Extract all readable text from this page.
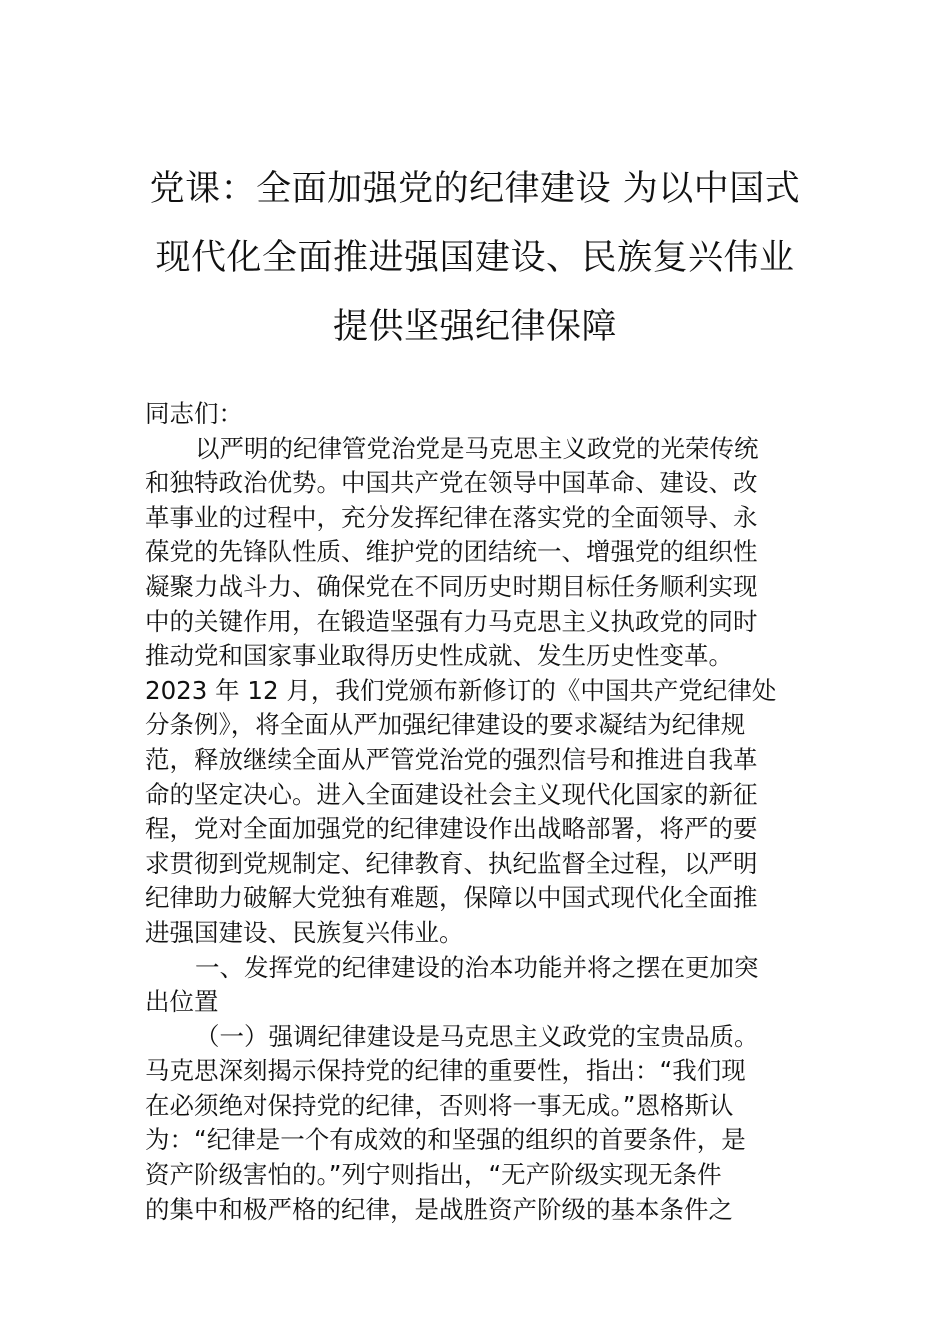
党课：全面加强党的纪律建设 为以中国式
现代化全面推进强国建设、民族复兴伟业
提供坚强纪律保障
同志们：
以严明的纪律管党治党是马克思主义政党的光荣传统
和独特政治优势。中国共产党在领导中国革命、建设、改
革事业的过程中，充分发挥纪律在落实党的全面领导、永
葆党的先锋队性质、维护党的团结统一、增强党的组织性
凝聚力战斗力、确保党在不同历史时期目标任务顺利实现
中的关键作用，在锻造坚强有力马克思主义执政党的同时
推动党和国家事业取得历史性成就、发生历史性变革。
2023 年 12 月，我们党颁布新修订的《中国共产党纪律处
分条例》，将全面从严加强纪律建设的要求凝结为纪律规
范，释放继续全面从严管党治党的强烈信号和推进自我革
命的坚定决心。进入全面建设社会主义现代化国家的新征
程，党对全面加强党的纪律建设作出战略部署，将严的要
求贯彻到党规制定、纪律教育、执纪监督全过程，以严明
纪律助力破解大党独有难题，保障以中国式现代化全面推
进强国建设、民族复兴伟业。
一、发挥党的纪律建设的治本功能并将之摆在更加突
出位置
（一）强调纪律建设是马克思主义政党的宝贵品质。
马克思深刻揭示保持党的纪律的重要性，指出：“我们现
在必须绝对保持党的纪律，否则将一事无成。”恩格斯认
为：“纪律是一个有成效的和坚强的组织的首要条件，是
资产阶级害怕的。”列宁则指出，“无产阶级实现无条件
的集中和极严格的纪律，是战胜资产阶级的基本条件之
